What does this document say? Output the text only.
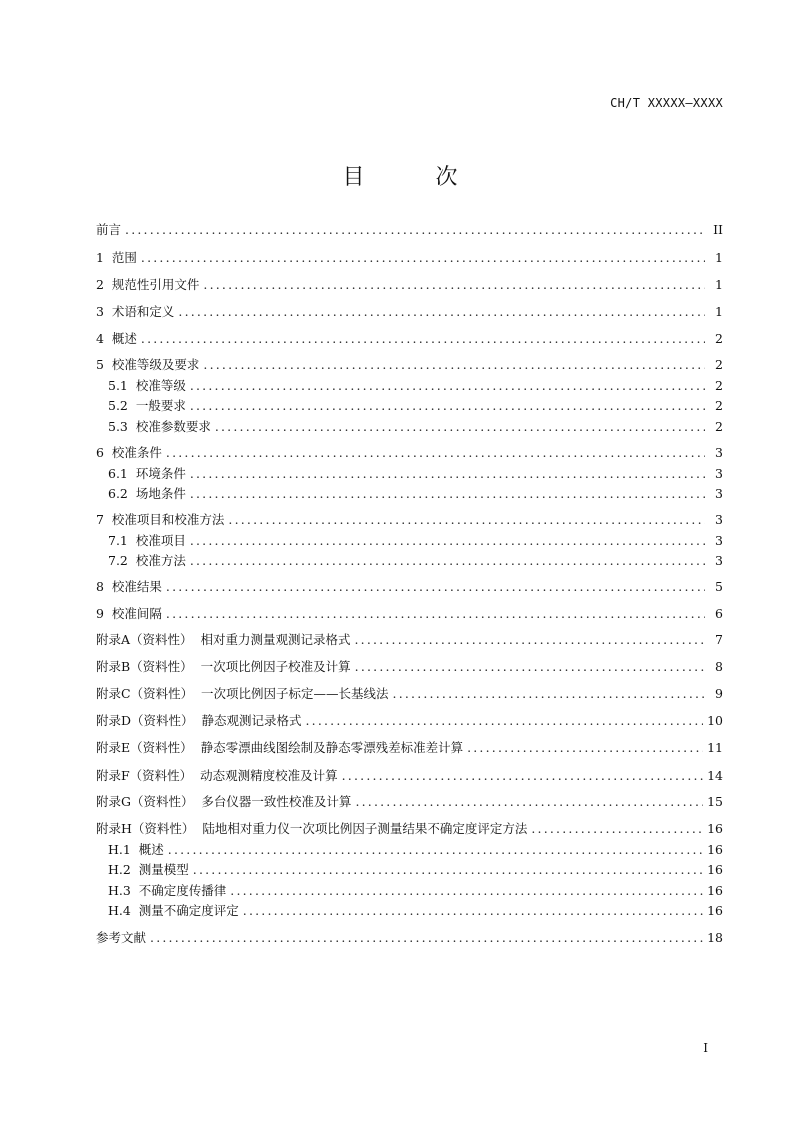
CH/T XXXXX—XXXX
目 次
前言 .....	II
1  范围 .....	1
2  规范性引用文件 .....	1
3  术语和定义 .....	1
4  概述 .....	2
5  校准等级及要求 .....	2
5.1  校准等级 .....	2
5.2  一般要求 .....	2
5.3  校准参数要求 .....	2
6  校准条件 .....	3
6.1  环境条件 .....	3
6.2  场地条件 .....	3
7  校准项目和校准方法 .....	3
7.1  校准项目 .....	3
7.2  校准方法 .....	3
8  校准结果 .....	5
9  校准间隔 .....	6
附录A（资料性）  相对重力测量观测记录格式 .....	7
附录B（资料性）  一次项比例因子校准及计算 .....	8
附录C（资料性）  一次项比例因子标定——长基线法 .....	9
附录D（资料性）  静态观测记录格式 .....	10
附录E（资料性）  静态零漂曲线图绘制及静态零漂残差标准差计算 .....	11
附录F（资料性）  动态观测精度校准及计算 .....	14
附录G（资料性）  多台仪器一致性校准及计算 .....	15
附录H（资料性）  陆地相对重力仪一次项比例因子测量结果不确定度评定方法 .....	16
H.1  概述 .....	16
H.2  测量模型 .....	16
H.3  不确定度传播律 .....	16
H.4  测量不确定度评定 .....	16
参考文献 .....	18
I
